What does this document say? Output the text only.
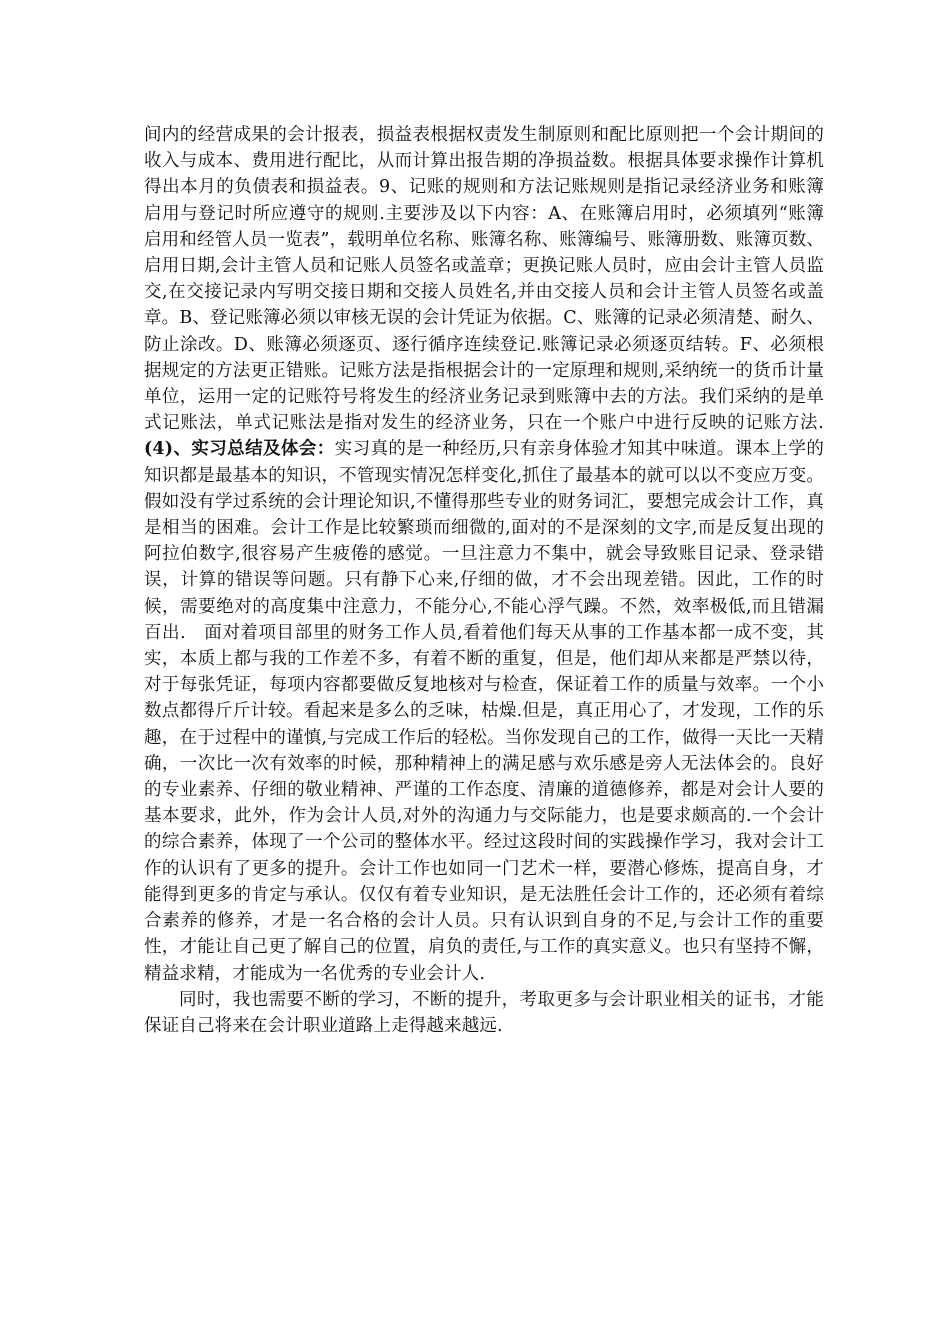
间内的经营成果的会计报表，损益表根据权责发生制原则和配比原则把一个会计期间的收入与成本、费用进行配比，从而计算出报告期的净损益数。根据具体要求操作计算机得出本月的负债表和损益表。9、记账的规则和方法记账规则是指记录经济业务和账簿启用与登记时所应遵守的规则.主要涉及以下内容：A、在账簿启用时，必须填列“账簿启用和经管人员一览表”，载明单位名称、账簿名称、账簿编号、账簿册数、账簿页数、启用日期,会计主管人员和记账人员签名或盖章；更换记账人员时，应由会计主管人员监交,在交接记录内写明交接日期和交接人员姓名,并由交接人员和会计主管人员签名或盖章。B、登记账簿必须以审核无误的会计凭证为依据。C、账簿的记录必须清楚、耐久、防止涂改。D、账簿必须逐页、逐行循序连续登记.账簿记录必须逐页结转。F、必须根据规定的方法更正错账。记账方法是指根据会计的一定原理和规则,采纳统一的货币计量单位，运用一定的记账符号将发生的经济业务记录到账簿中去的方法。我们采纳的是单式记账法，单式记账法是指对发生的经济业务，只在一个账户中进行反映的记账方法.(4)、实习总结及体会：实习真的是一种经历,只有亲身体验才知其中味道。课本上学的知识都是最基本的知识，不管现实情况怎样变化,抓住了最基本的就可以以不变应万变。假如没有学过系统的会计理论知识,不懂得那些专业的财务词汇，要想完成会计工作，真是相当的困难。会计工作是比较繁琐而细微的,面对的不是深刻的文字,而是反复出现的阿拉伯数字,很容易产生疲倦的感觉。一旦注意力不集中，就会导致账目记录、登录错误，计算的错误等问题。只有静下心来,仔细的做，才不会出现差错。因此，工作的时候，需要绝对的高度集中注意力，不能分心,不能心浮气躁。不然，效率极低,而且错漏百出.　面对着项目部里的财务工作人员,看着他们每天从事的工作基本都一成不变，其实，本质上都与我的工作差不多，有着不断的重复，但是，他们却从来都是严禁以待，对于每张凭证，每项内容都要做反复地核对与检查，保证着工作的质量与效率。一个小数点都得斤斤计较。看起来是多么的乏味，枯燥.但是，真正用心了，才发现，工作的乐趣，在于过程中的谨慎,与完成工作后的轻松。当你发现自己的工作，做得一天比一天精确，一次比一次有效率的时候，那种精神上的满足感与欢乐感是旁人无法体会的。良好的专业素养、仔细的敬业精神、严谨的工作态度、清廉的道德修养，都是对会计人要的基本要求，此外，作为会计人员,对外的沟通力与交际能力，也是要求颇高的.一个会计的综合素养，体现了一个公司的整体水平。经过这段时间的实践操作学习，我对会计工作的认识有了更多的提升。会计工作也如同一门艺术一样，要潜心修炼，提高自身，才能得到更多的肯定与承认。仅仅有着专业知识，是无法胜任会计工作的，还必须有着综合素养的修养，才是一名合格的会计人员。只有认识到自身的不足,与会计工作的重要性，才能让自己更了解自己的位置，肩负的责任,与工作的真实意义。也只有坚持不懈，精益求精，才能成为一名优秀的专业会计人.

同时，我也需要不断的学习，不断的提升，考取更多与会计职业相关的证书，才能保证自己将来在会计职业道路上走得越来越远.
